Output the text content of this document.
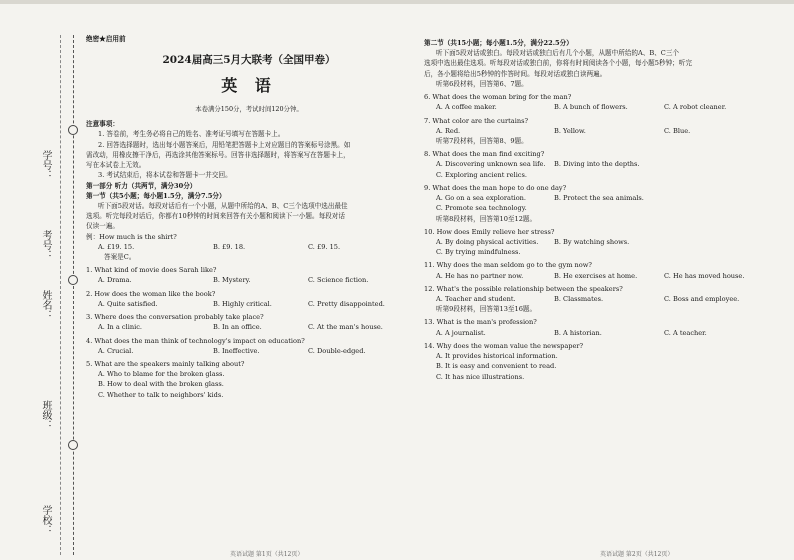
学号：
考号：
姓名：
班级：
学校：

绝密★启用前

2024届高三5月大联考（全国甲卷）

英 语

本卷满分150分，考试时间120分钟。

注意事项：

1. 答卷前，考生务必将自己的姓名、准考证号填写在答题卡上。

2. 回答选择题时，选出每小题答案后，用铅笔把答题卡上对应题目的答案标号涂黑。如

需改动，用橡皮擦干净后，再选涂其他答案标号。回答非选择题时，将答案写在答题卡上，

写在本试卷上无效。

3. 考试结束后，将本试卷和答题卡一并交回。

第一部分 听力（共两节，满分30分）

第一节（共5小题；每小题1.5分，满分7.5分）

听下面5段对话。每段对话后有一个小题，从题中所给的A、B、C三个选项中选出最佳

选项。听完每段对话后，你都有10秒钟的时间来回答有关小题和阅读下一小题。每段对话

仅读一遍。

例：How much is the shirt?

A. £19. 15.	B. £9. 18.	C. £9. 15.

答案是C。

1. What kind of movie does Sarah like?

A. Drama.	B. Mystery.	C. Science fiction.

2. How does the woman like the book?

A. Quite satisfied.	B. Highly critical.	C. Pretty disappointed.

3. Where does the conversation probably take place?

A. In a clinic.	B. In an office.	C. At the man's house.

4. What does the man think of technology's impact on education?

A. Crucial.	B. Ineffective.	C. Double-edged.

5. What are the speakers mainly talking about?

A. Who to blame for the broken glass.

B. How to deal with the broken glass.

C. Whether to talk to neighbors' kids.

第二节（共15小题；每小题1.5分，满分22.5分）

听下面5段对话或独白。每段对话或独白后有几个小题，从题中所给的A、B、C三个

选项中选出最佳选项。听每段对话或独白前，你将有时间阅读各个小题，每小题5秒钟；听完

后，各小题将给出5秒钟的作答时间。每段对话或独白读两遍。

听第6段材料，回答第6、7题。

6. What does the woman bring for the man?

A. A coffee maker.	B. A bunch of flowers.	C. A robot cleaner.

7. What color are the curtains?

A. Red.	B. Yellow.	C. Blue.

听第7段材料，回答第8、9题。

8. What does the man find exciting?

A. Discovering unknown sea life.	B. Diving into the depths.

C. Exploring ancient relics.

9. What does the man hope to do one day?

A. Go on a sea exploration.	B. Protect the sea animals.

C. Promote sea technology.

听第8段材料，回答第10至12题。

10. How does Emily relieve her stress?

A. By doing physical activities.	B. By watching shows.

C. By trying mindfulness.

11. Why does the man seldom go to the gym now?

A. He has no partner now.	B. He exercises at home.	C. He has moved house.

12. What's the possible relationship between the speakers?

A. Teacher and student.	B. Classmates.	C. Boss and employee.

听第9段材料，回答第13至16题。

13. What is the man's profession?

A. A journalist.	B. A historian.	C. A teacher.

14. Why does the woman value the newspaper?

A. It provides historical information.

B. It is easy and convenient to read.

C. It has nice illustrations.

英语试题 第1页（共12页）	英语试题 第2页（共12页）
